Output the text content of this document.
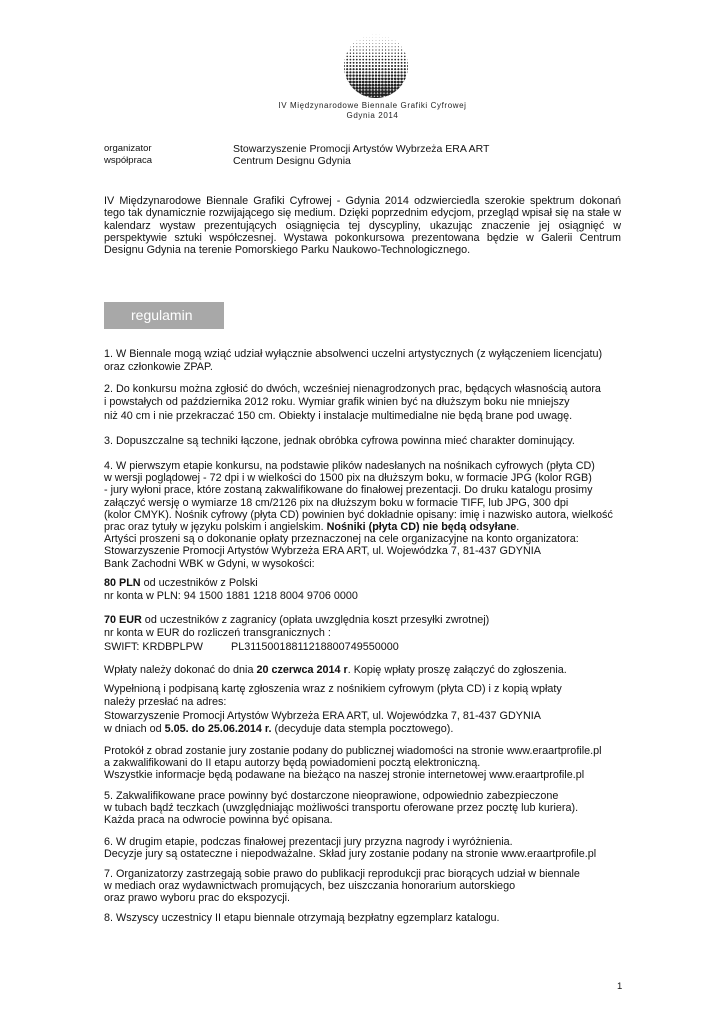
IV Międzynarodowe Biennale Grafiki Cyfrowej
Gdynia 2014
organizator	Stowarzyszenie Promocji Artystów Wybrzeża ERA ART
współpraca	Centrum Designu Gdynia

IV Międzynarodowe Biennale Grafiki Cyfrowej - Gdynia 2014 odzwierciedla szerokie spektrum dokonań tego tak dynamicznie rozwijającego się medium. Dzięki poprzednim edycjom, przegląd wpisał się na stałe w kalendarz wystaw prezentujących osiągnięcia tej dyscypliny, ukazując znaczenie jej osiągnięć w perspektywie sztuki współczesnej. Wystawa pokonkursowa prezentowana będzie w Galerii Centrum Designu Gdynia na terenie Pomorskiego Parku Naukowo-Technologicznego.

regulamin

1. W Biennale mogą wziąć udział wyłącznie absolwenci uczelni artystycznych (z wyłączeniem licencjatu)

oraz członkowie ZPAP.

2. Do konkursu można zgłosić do dwóch, wcześniej nienagrodzonych prac, będących własnością autora

i powstałych od października 2012 roku. Wymiar grafik winien być na dłuższym boku nie mniejszy

niż 40 cm i nie przekraczać 150 cm. Obiekty i instalacje multimedialne nie będą brane pod uwagę.

3. Dopuszczalne są techniki łączone, jednak obróbka cyfrowa powinna mieć charakter dominujący.

4. W pierwszym etapie konkursu, na podstawie plików nadesłanych na nośnikach cyfrowych (płyta CD)

w wersji poglądowej - 72 dpi i w wielkości do 1500 pix na dłuższym boku, w formacie JPG (kolor RGB)

- jury wyłoni prace, które zostaną zakwalifikowane do finałowej prezentacji. Do druku katalogu prosimy

załączyć wersję o wymiarze 18 cm/2126 pix na dłuższym boku w formacie TIFF, lub JPG, 300 dpi

(kolor CMYK). Nośnik cyfrowy (płyta CD) powinien być dokładnie opisany: imię i nazwisko autora, wielkość

prac oraz tytuły w języku polskim i angielskim. Nośniki (płyta CD) nie będą odsyłane.

Artyści proszeni są o dokonanie opłaty przeznaczonej na cele organizacyjne na konto organizatora:

Stowarzyszenie Promocji Artystów Wybrzeża ERA ART, ul. Wojewódzka 7, 81-437 GDYNIA

Bank Zachodni WBK w Gdyni, w wysokości:

80 PLN od uczestników z Polski

nr konta w PLN: 94 1500 1881 1218 8004 9706 0000

70 EUR od uczestników z zagranicy (opłata uwzględnia koszt przesyłki zwrotnej)

nr konta w EUR do rozliczeń transgranicznych :

SWIFT: KRDBPLPW	PL31150018811218800749550000

Wpłaty należy dokonać do dnia 20 czerwca 2014 r. Kopię wpłaty proszę załączyć do zgłoszenia.

Wypełnioną i podpisaną kartę zgłoszenia wraz z nośnikiem cyfrowym (płyta CD) i z kopią wpłaty

należy przesłać na adres:

Stowarzyszenie Promocji Artystów Wybrzeża ERA ART, ul. Wojewódzka 7, 81-437 GDYNIA

w dniach od 5.05. do 25.06.2014 r. (decyduje data stempla pocztowego).

Protokół z obrad zostanie jury zostanie podany do publicznej wiadomości na stronie www.eraartprofile.pl

a zakwalifikowani do II etapu autorzy będą powiadomieni pocztą elektroniczną.

Wszystkie informacje będą podawane na bieżąco na naszej stronie internetowej www.eraartprofile.pl

5. Zakwalifikowane prace powinny być dostarczone nieoprawione, odpowiednio zabezpieczone

w tubach bądź teczkach (uwzględniając możliwości transportu oferowane przez pocztę lub kuriera).

Każda praca na odwrocie powinna być opisana.

6. W drugim etapie, podczas finałowej prezentacji jury przyzna nagrody i wyróżnienia.

Decyzje jury są ostateczne i niepodważalne. Skład jury zostanie podany na stronie www.eraartprofile.pl

7. Organizatorzy zastrzegają sobie prawo do publikacji reprodukcji prac biorących udział w biennale

w mediach oraz wydawnictwach promujących, bez uiszczania honorarium autorskiego

oraz prawo wyboru prac do ekspozycji.

8. Wszyscy uczestnicy II etapu biennale otrzymają bezpłatny egzemplarz katalogu.

1
